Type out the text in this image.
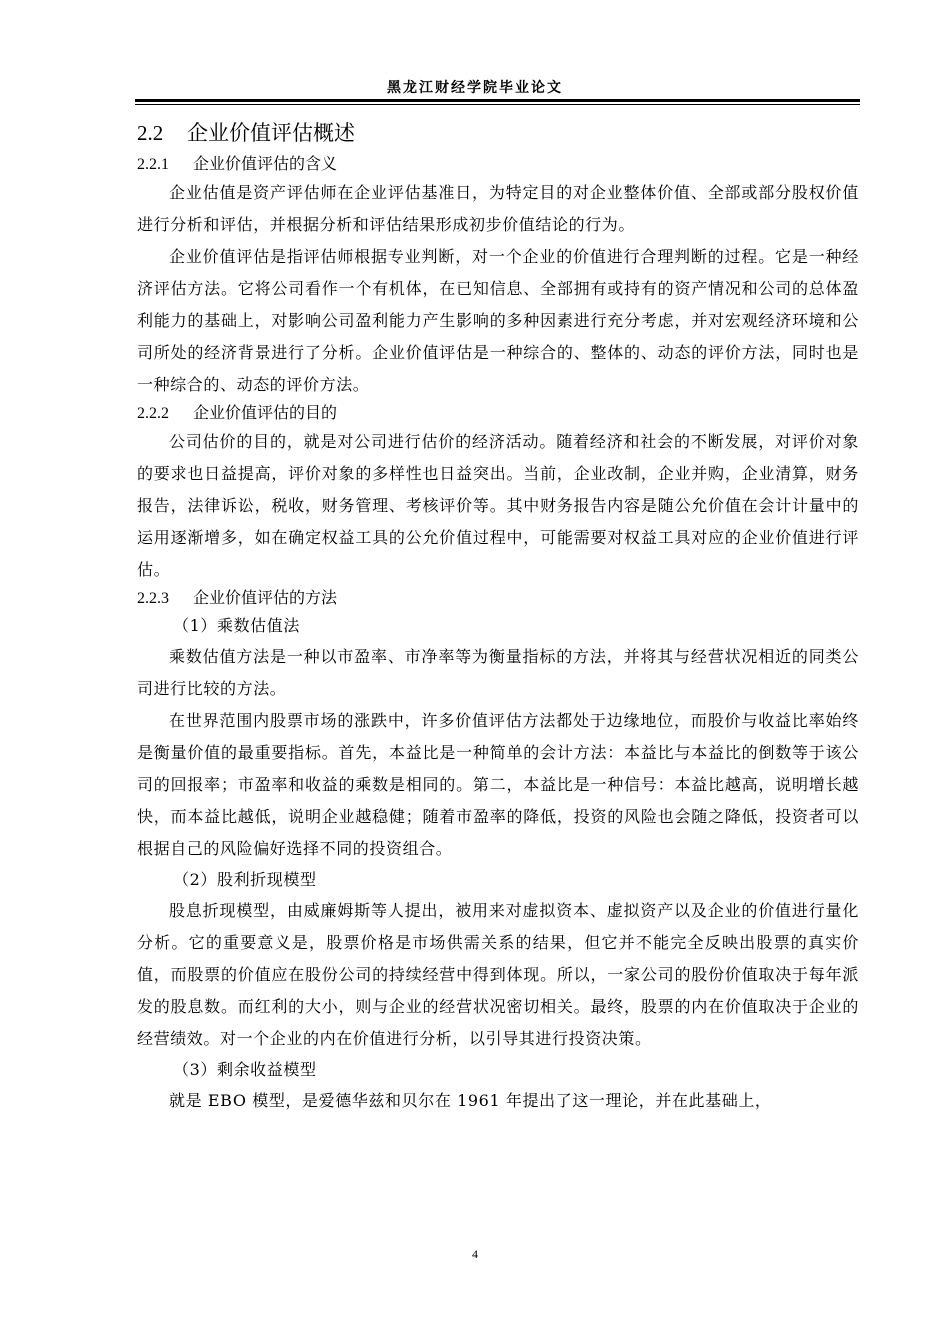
黑龙江财经学院毕业论文
2.2 企业价值评估概述
2.2.1 企业价值评估的含义

企业估值是资产评估师在企业评估基准日，为特定目的对企业整体价值、全部或部分股权价值进行分析和评估，并根据分析和评估结果形成初步价值结论的行为。

企业价值评估是指评估师根据专业判断，对一个企业的价值进行合理判断的过程。它是一种经济评估方法。它将公司看作一个有机体，在已知信息、全部拥有或持有的资产情况和公司的总体盈利能力的基础上，对影响公司盈利能力产生影响的多种因素进行充分考虑，并对宏观经济环境和公司所处的经济背景进行了分析。企业价值评估是一种综合的、整体的、动态的评价方法，同时也是一种综合的、动态的评价方法。

2.2.2 企业价值评估的目的

公司估价的目的，就是对公司进行估价的经济活动。随着经济和社会的不断发展，对评价对象的要求也日益提高，评价对象的多样性也日益突出。当前，企业改制，企业并购，企业清算，财务报告，法律诉讼，税收，财务管理、考核评价等。其中财务报告内容是随公允价值在会计计量中的运用逐渐增多，如在确定权益工具的公允价值过程中，可能需要对权益工具对应的企业价值进行评估。

2.2.3 企业价值评估的方法
（1）乘数估值法

乘数估值方法是一种以市盈率、市净率等为衡量指标的方法，并将其与经营状况相近的同类公司进行比较的方法。

在世界范围内股票市场的涨跌中，许多价值评估方法都处于边缘地位，而股价与收益比率始终是衡量价值的最重要指标。首先，本益比是一种简单的会计方法：本益比与本益比的倒数等于该公司的回报率；市盈率和收益的乘数是相同的。第二，本益比是一种信号：本益比越高，说明增长越快，而本益比越低，说明企业越稳健；随着市盈率的降低，投资的风险也会随之降低，投资者可以根据自己的风险偏好选择不同的投资组合。

（2）股利折现模型

股息折现模型，由威廉姆斯等人提出，被用来对虚拟资本、虚拟资产以及企业的价值进行量化分析。它的重要意义是，股票价格是市场供需关系的结果，但它并不能完全反映出股票的真实价值，而股票的价值应在股份公司的持续经营中得到体现。所以，一家公司的股份价值取决于每年派发的股息数。而红利的大小，则与企业的经营状况密切相关。最终，股票的内在价值取决于企业的经营绩效。对一个企业的内在价值进行分析，以引导其进行投资决策。

（3）剩余收益模型

就是 EBO 模型，是爱德华兹和贝尔在 1961 年提出了这一理论，并在此基础上，

4
